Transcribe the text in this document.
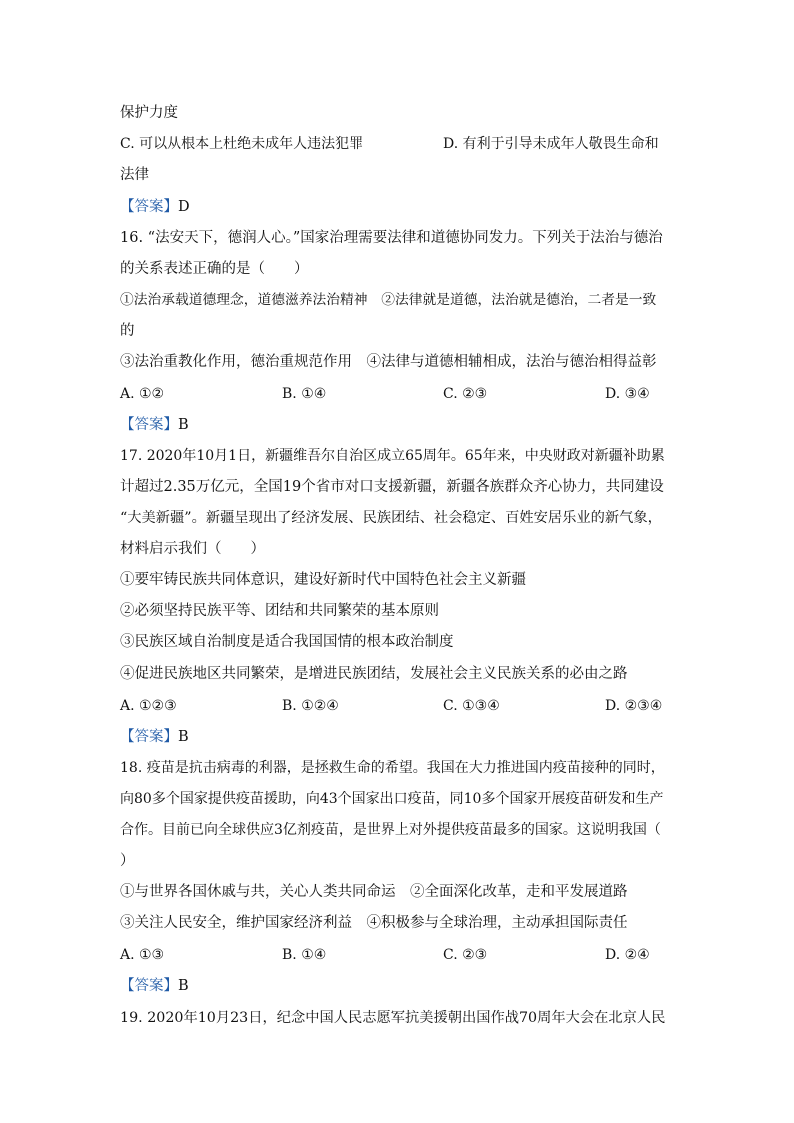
保护力度
C. 可以从根本上杜绝未成年人违法犯罪	D. 有利于引导未成年人敬畏生命和
法律
【答案】D
16. “法安天下，德润人心。”国家治理需要法律和道德协同发力。下列关于法治与德治
的关系表述正确的是（　　）
①法治承载道德理念，道德滋养法治精神　②法律就是道德，法治就是德治，二者是一致
的
③法治重教化作用，德治重规范作用　④法律与道德相辅相成，法治与德治相得益彰
A. ①②	B. ①④	C. ②③	D. ③④
【答案】B
17. 2020年10月1日，新疆维吾尔自治区成立65周年。65年来，中央财政对新疆补助累
计超过2.35万亿元，全国19个省市对口支援新疆，新疆各族群众齐心协力，共同建设
“大美新疆”。新疆呈现出了经济发展、民族团结、社会稳定、百姓安居乐业的新气象，
材料启示我们（　　）
①要牢铸民族共同体意识，建设好新时代中国特色社会主义新疆
②必须坚持民族平等、团结和共同繁荣的基本原则
③民族区域自治制度是适合我国国情的根本政治制度
④促进民族地区共同繁荣，是增进民族团结，发展社会主义民族关系的必由之路
A. ①②③	B. ①②④	C. ①③④	D. ②③④
【答案】B
18. 疫苗是抗击病毒的利器，是拯救生命的希望。我国在大力推进国内疫苗接种的同时，
向80多个国家提供疫苗援助，向43个国家出口疫苗，同10多个国家开展疫苗研发和生产
合作。目前已向全球供应3亿剂疫苗，是世界上对外提供疫苗最多的国家。这说明我国（
）
①与世界各国休戚与共，关心人类共同命运　②全面深化改革，走和平发展道路
③关注人民安全，维护国家经济利益　④积极参与全球治理，主动承担国际责任
A. ①③	B. ①④	C. ②③	D. ②④
【答案】B
19. 2020年10月23日，纪念中国人民志愿军抗美援朝出国作战70周年大会在北京人民
